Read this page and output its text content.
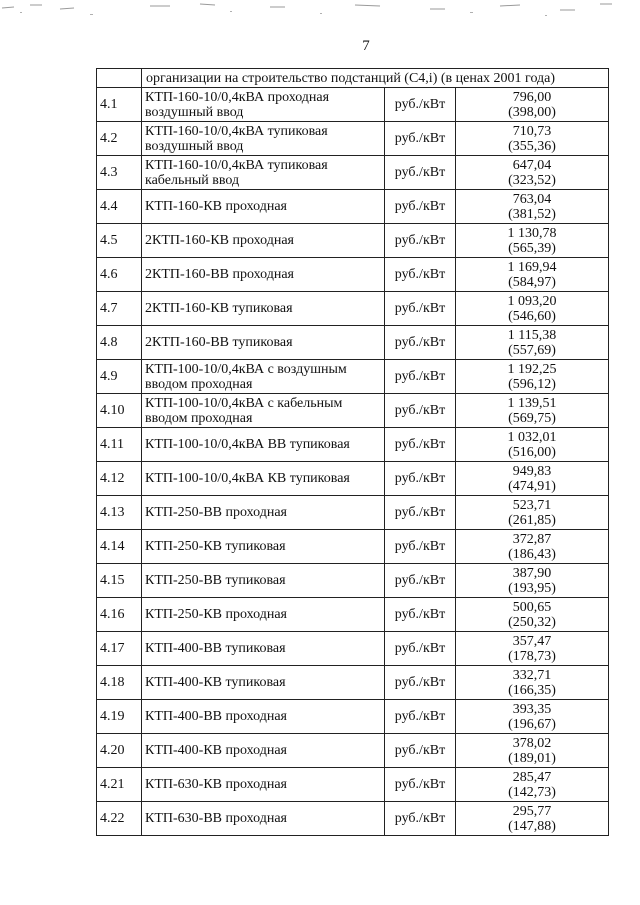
7
	организации на строительство подстанций (С4,i) (в ценах 2001 года)		
4.1	КТП-160-10/0,4кВА проходная воздушный ввод	руб./кВт	796,00
(398,00)

4.2	КТП-160-10/0,4кВА тупиковая воздушный ввод	руб./кВт	710,73
(355,36)

4.3	КТП-160-10/0,4кВА тупиковая кабельный ввод	руб./кВт	647,04
(323,52)

4.4	КТП-160-КВ проходная	руб./кВт	763,04
(381,52)

4.5	2КТП-160-КВ проходная	руб./кВт	1 130,78
(565,39)

4.6	2КТП-160-ВВ проходная	руб./кВт	1 169,94
(584,97)

4.7	2КТП-160-КВ тупиковая	руб./кВт	1 093,20
(546,60)

4.8	2КТП-160-ВВ тупиковая	руб./кВт	1 115,38
(557,69)

4.9	КТП-100-10/0,4кВА с воздушным вводом проходная	руб./кВт	1 192,25
(596,12)

4.10	КТП-100-10/0,4кВА с кабельным вводом проходная	руб./кВт	1 139,51
(569,75)

4.11	КТП-100-10/0,4кВА ВВ тупиковая	руб./кВт	1 032,01
(516,00)

4.12	КТП-100-10/0,4кВА КВ тупиковая	руб./кВт	949,83
(474,91)

4.13	КТП-250-ВВ проходная	руб./кВт	523,71
(261,85)

4.14	КТП-250-КВ тупиковая	руб./кВт	372,87
(186,43)

4.15	КТП-250-ВВ тупиковая	руб./кВт	387,90
(193,95)

4.16	КТП-250-КВ проходная	руб./кВт	500,65
(250,32)

4.17	КТП-400-ВВ тупиковая	руб./кВт	357,47
(178,73)

4.18	КТП-400-КВ тупиковая	руб./кВт	332,71
(166,35)

4.19	КТП-400-ВВ проходная	руб./кВт	393,35
(196,67)

4.20	КТП-400-КВ проходная	руб./кВт	378,02
(189,01)

4.21	КТП-630-КВ проходная	руб./кВт	285,47
(142,73)

4.22	КТП-630-ВВ проходная	руб./кВт	295,77
(147,88)
